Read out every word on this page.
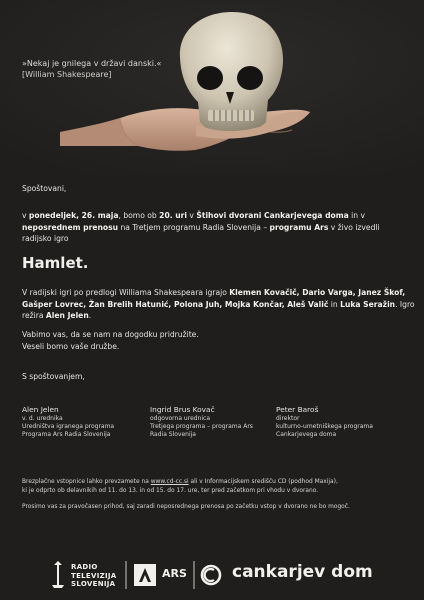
»Nekaj je gnilega v državi danski.«
[William Shakespeare]
Spoštovani,
v ponedeljek, 26. maja, bomo ob 20. uri v Štihovi dvorani Cankarjevega doma in v neposrednem prenosu na Tretjem programu Radia Slovenija – programu Ars v živo izvedli radijsko igro
Hamlet.
V radijski igri po predlogi Williama Shakespeara igrajo Klemen Kovačič, Dario Varga, Janez Škof, Gašper Lovrec, Žan Brelih Hatunić, Polona Juh, Mojka Končar, Aleš Valič in Luka Seražin. Igro režira Alen Jelen.
Vabimo vas, da se nam na dogodku pridružite.
Veseli bomo vaše družbe.
S spoštovanjem,
Alen Jelen
v. d. urednika
Uredništva igranega programa
Programa Ars Radia Slovenija
Ingrid Brus Kovač
odgovorna urednica
Tretjega programa – programa Ars
Radia Slovenija
Peter Baroš
direktor
kulturno-umetniškega programa
Cankarjevega doma
Brezplačne vstopnice lahko prevzamete na www.cd-cc.si ali v Informacijskem središču CD (podhod Maxija),
ki je odprto ob delavnikih od 11. do 13. in od 15. do 17. ure, ter pred začetkom pri vhodu v dvorano.
Prosimo vas za pravočasen prihod, saj zaradi neposrednega prenosa po začetku vstop v dvorano ne bo mogoč.
RADIO
TELEVIZIJA
SLOVENIJA
ARS	cankarjev dom
